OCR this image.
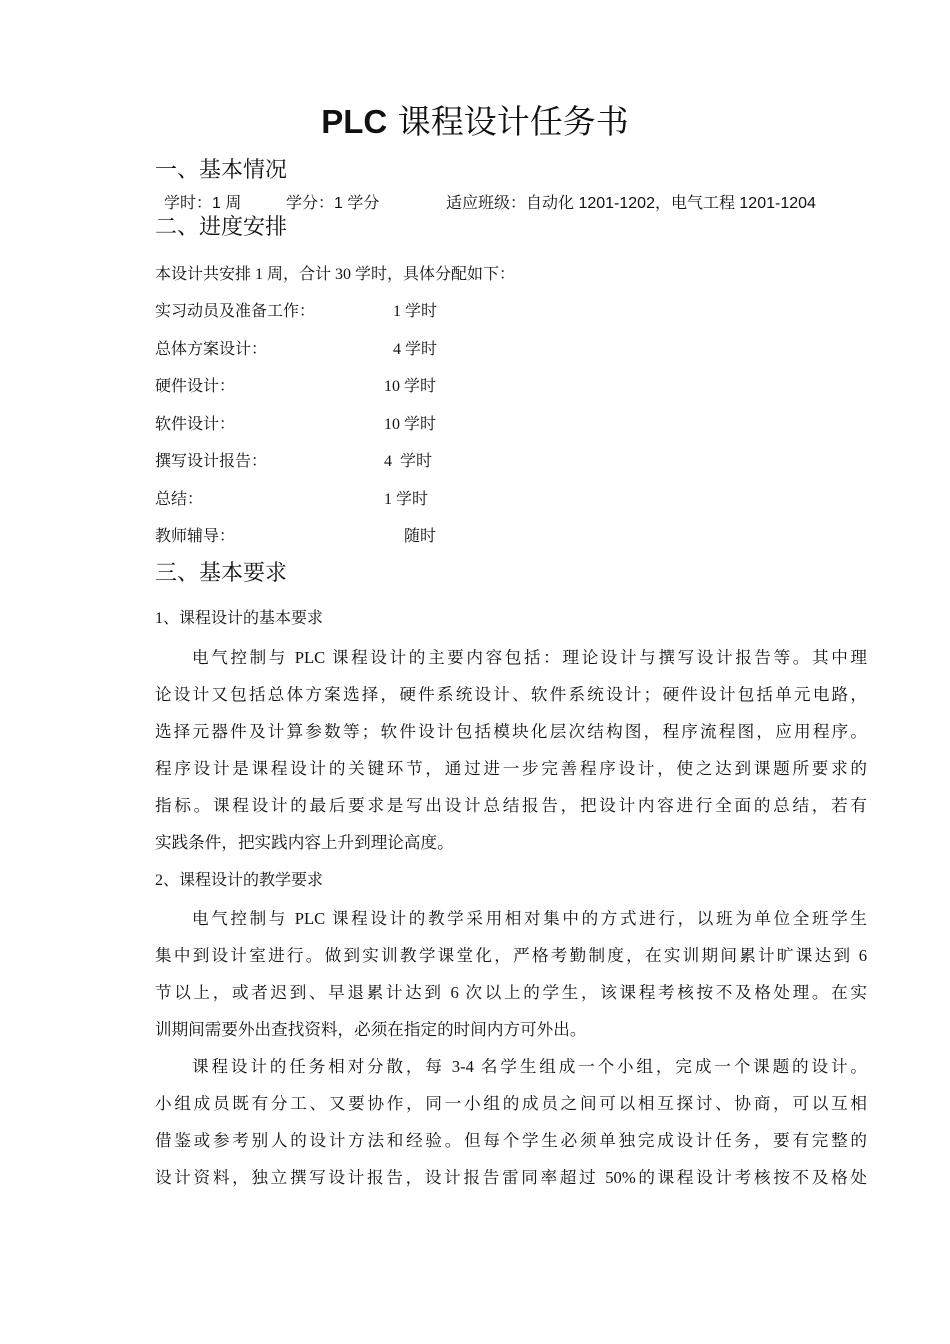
PLC 课程设计任务书
一、基本情况
学时：1 周	学分：1 学分	适应班级：自动化 1201-1202，电气工程 1201-1204
二、进度安排
本设计共安排 1 周，合计 30 学时，具体分配如下：
实习动员及准备工作：	1 学时
总体方案设计：	4 学时
硬件设计：	10 学时
软件设计：	10 学时
撰写设计报告：	4  学时
总结：	1 学时
教师辅导：	随时
三、基本要求
1、课程设计的基本要求
电气控制与 PLC 课程设计的主要内容包括：理论设计与撰写设计报告等。其中理
论设计又包括总体方案选择，硬件系统设计、软件系统设计；硬件设计包括单元电路，
选择元器件及计算参数等；软件设计包括模块化层次结构图，程序流程图，应用程序。
程序设计是课程设计的关键环节，通过进一步完善程序设计，使之达到课题所要求的
指标。课程设计的最后要求是写出设计总结报告，把设计内容进行全面的总结，若有
实践条件，把实践内容上升到理论高度。
2、课程设计的教学要求
电气控制与 PLC 课程设计的教学采用相对集中的方式进行，以班为单位全班学生
集中到设计室进行。做到实训教学课堂化，严格考勤制度，在实训期间累计旷课达到 6
节以上，或者迟到、早退累计达到 6 次以上的学生，该课程考核按不及格处理。在实
训期间需要外出查找资料，必须在指定的时间内方可外出。
课程设计的任务相对分散，每 3-4 名学生组成一个小组，完成一个课题的设计。
小组成员既有分工、又要协作，同一小组的成员之间可以相互探讨、协商，可以互相
借鉴或参考别人的设计方法和经验。但每个学生必须单独完成设计任务，要有完整的
设计资料，独立撰写设计报告，设计报告雷同率超过 50%的课程设计考核按不及格处
